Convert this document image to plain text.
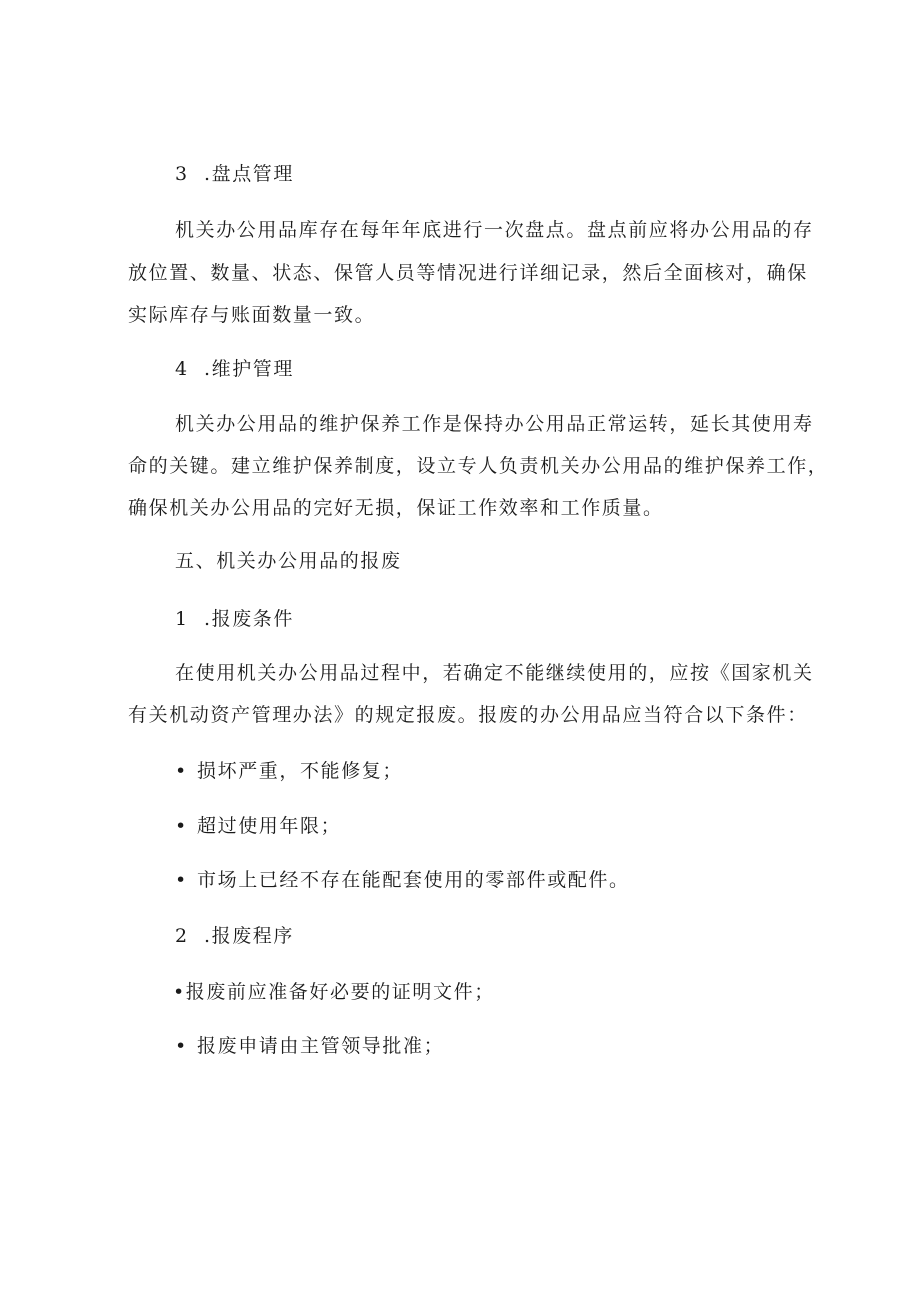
3  .盘点管理
机关办公用品库存在每年年底进行一次盘点。盘点前应将办公用品的存
放位置、数量、状态、保管人员等情况进行详细记录，然后全面核对，确保
实际库存与账面数量一致。
4  .维护管理
机关办公用品的维护保养工作是保持办公用品正常运转，延长其使用寿
命的关键。建立维护保养制度，设立专人负责机关办公用品的维护保养工作，
确保机关办公用品的完好无损，保证工作效率和工作质量。
五、机关办公用品的报废
1  .报废条件
在使用机关办公用品过程中，若确定不能继续使用的，应按《国家机关
有关机动资产管理办法》的规定报废。报废的办公用品应当符合以下条件：
• 损坏严重，不能修复；
• 超过使用年限；
• 市场上已经不存在能配套使用的零部件或配件。
2  .报废程序
•报废前应准备好必要的证明文件；
• 报废申请由主管领导批准；
